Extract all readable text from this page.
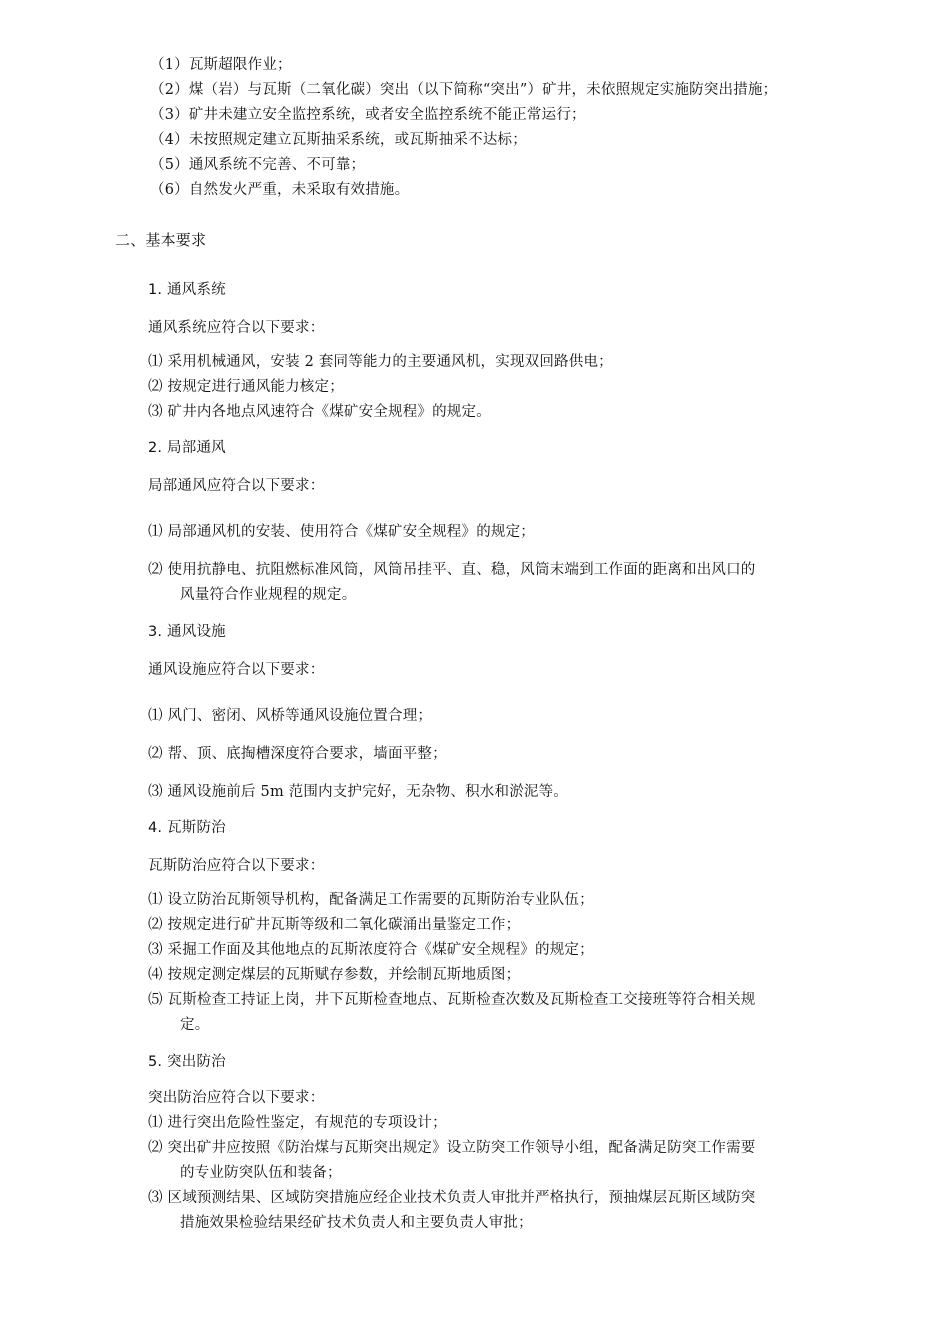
（1）瓦斯超限作业；
（2）煤（岩）与瓦斯（二氧化碳）突出（以下简称“突出”）矿井，未依照规定实施防突出措施；
（3）矿井未建立安全监控系统，或者安全监控系统不能正常运行；
（4）未按照规定建立瓦斯抽采系统，或瓦斯抽采不达标；
（5）通风系统不完善、不可靠；
（6）自然发火严重，未采取有效措施。
二、基本要求
1. 通风系统
通风系统应符合以下要求：
⑴ 采用机械通风，安装 2 套同等能力的主要通风机，实现双回路供电；
⑵ 按规定进行通风能力核定；
⑶ 矿井内各地点风速符合《煤矿安全规程》的规定。
2. 局部通风
局部通风应符合以下要求：
⑴ 局部通风机的安装、使用符合《煤矿安全规程》的规定；
⑵ 使用抗静电、抗阻燃标准风筒，风筒吊挂平、直、稳，风筒末端到工作面的距离和出风口的
风量符合作业规程的规定。
3. 通风设施
通风设施应符合以下要求：
⑴ 风门、密闭、风桥等通风设施位置合理；
⑵ 帮、顶、底掏槽深度符合要求，墙面平整；
⑶ 通风设施前后 5m 范围内支护完好，无杂物、积水和淤泥等。
4. 瓦斯防治
瓦斯防治应符合以下要求：
⑴ 设立防治瓦斯领导机构，配备满足工作需要的瓦斯防治专业队伍；
⑵ 按规定进行矿井瓦斯等级和二氧化碳涌出量鉴定工作；
⑶ 采掘工作面及其他地点的瓦斯浓度符合《煤矿安全规程》的规定；
⑷ 按规定测定煤层的瓦斯赋存参数，并绘制瓦斯地质图；
⑸ 瓦斯检查工持证上岗，井下瓦斯检查地点、瓦斯检查次数及瓦斯检查工交接班等符合相关规
定。
5. 突出防治
突出防治应符合以下要求：
⑴ 进行突出危险性鉴定，有规范的专项设计；
⑵ 突出矿井应按照《防治煤与瓦斯突出规定》设立防突工作领导小组，配备满足防突工作需要
的专业防突队伍和装备；
⑶ 区域预测结果、区域防突措施应经企业技术负责人审批并严格执行，预抽煤层瓦斯区域防突
措施效果检验结果经矿技术负责人和主要负责人审批；
